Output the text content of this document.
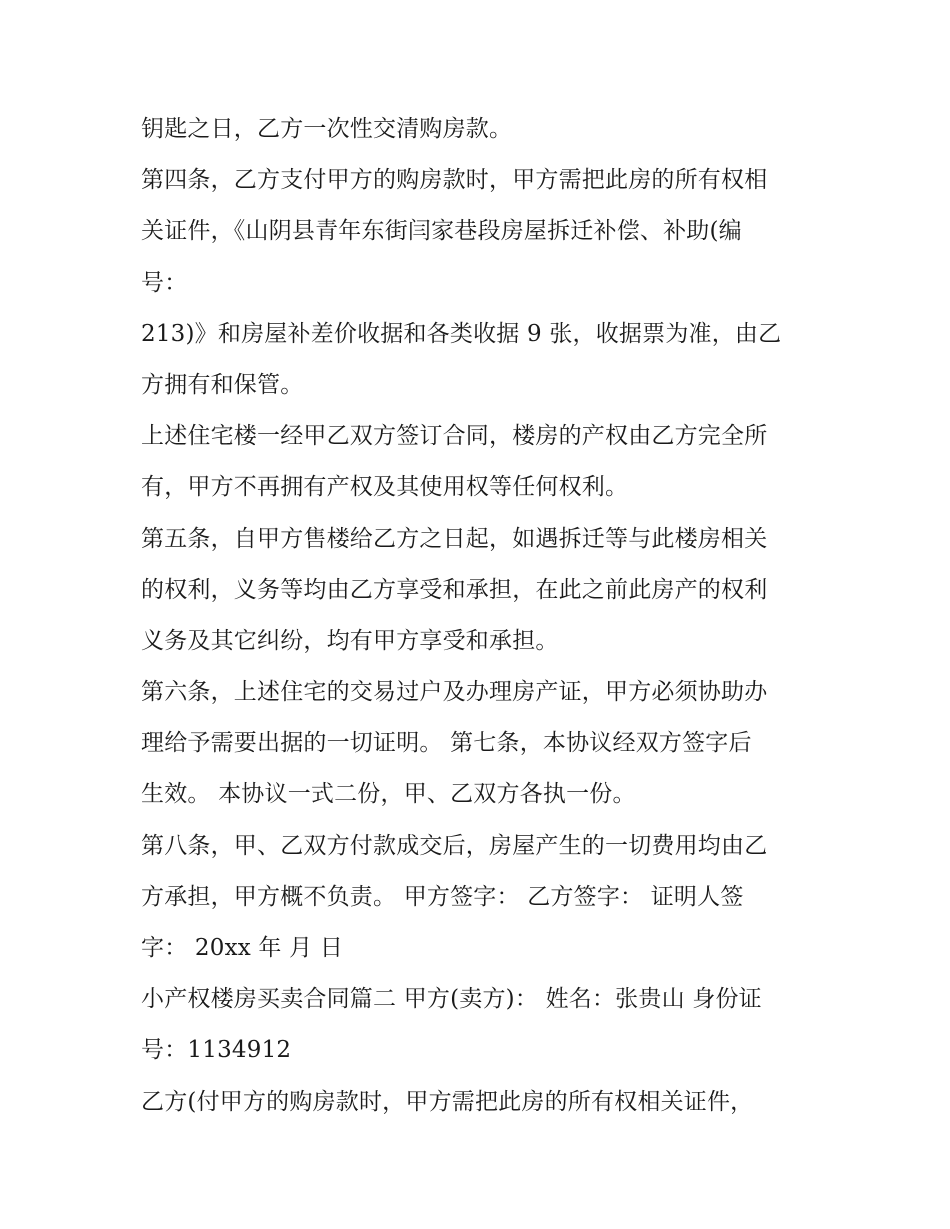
钥匙之日，乙方一次性交清购房款。
第四条，乙方支付甲方的购房款时，甲方需把此房的所有权相
关证件，《山阴县青年东街闫家巷段房屋拆迁补偿、补助(编
号：
213)》和房屋补差价收据和各类收据 9 张，收据票为准，由乙
方拥有和保管。
上述住宅楼一经甲乙双方签订合同，楼房的产权由乙方完全所
有，甲方不再拥有产权及其使用权等任何权利。
第五条，自甲方售楼给乙方之日起，如遇拆迁等与此楼房相关
的权利，义务等均由乙方享受和承担，在此之前此房产的权利
义务及其它纠纷，均有甲方享受和承担。
第六条，上述住宅的交易过户及办理房产证，甲方必须协助办
理给予需要出据的一切证明。 第七条，本协议经双方签字后
生效。 本协议一式二份，甲、乙双方各执一份。
第八条，甲、乙双方付款成交后，房屋产生的一切费用均由乙
方承担，甲方概不负责。 甲方签字： 乙方签字： 证明人签
字： 20xx 年 月 日
小产权楼房买卖合同篇二 甲方(卖方)： 姓名：张贵山 身份证
号：1134912
乙方(付甲方的购房款时，甲方需把此房的所有权相关证件，
